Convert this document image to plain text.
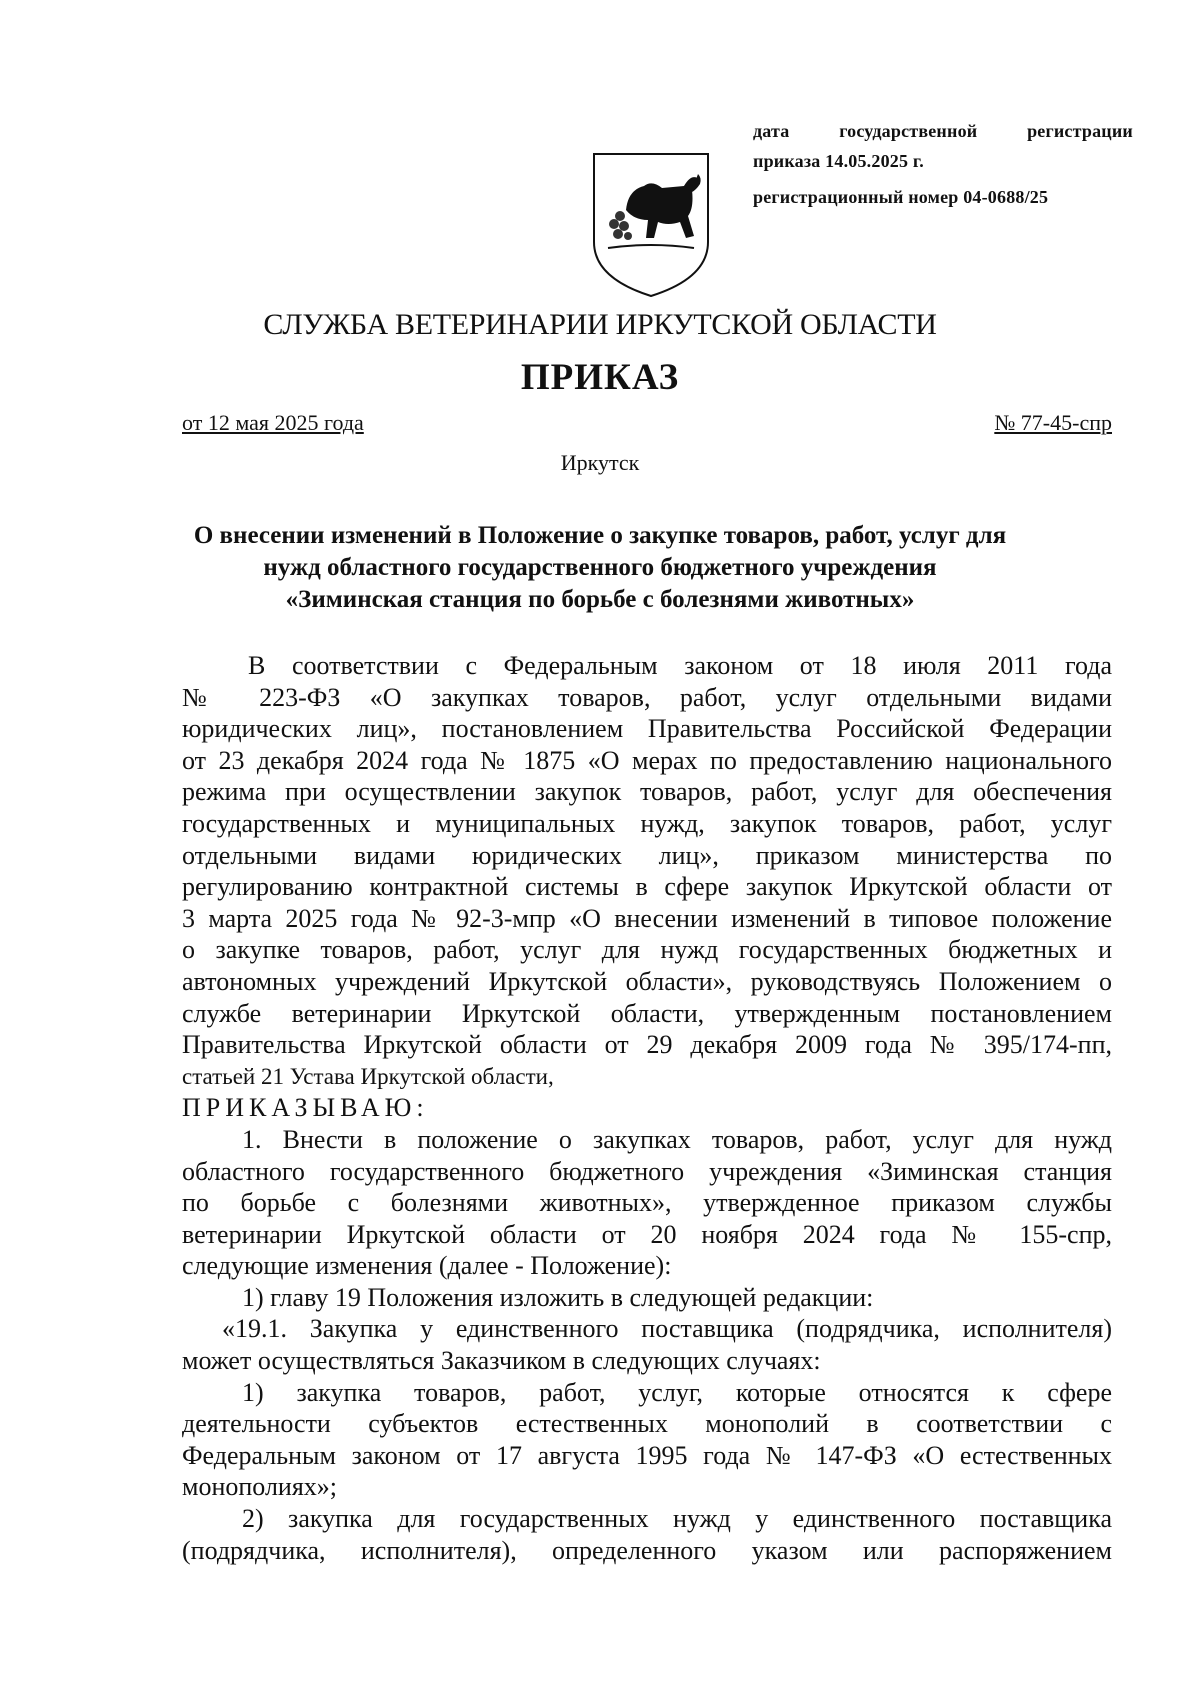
дата государственной регистрации
приказа 14.05.2025 г.
регистрационный номер 04-0688/25
СЛУЖБА ВЕТЕРИНАРИИ ИРКУТСКОЙ ОБЛАСТИ
ПРИКАЗ
от 12 мая 2025 года	№ 77-45-спр
Иркутск
О внесении изменений в Положение о закупке товаров, работ, услуг для
нужд областного государственного бюджетного учреждения
«Зиминская станция по борьбе с болезнями животных»
В соответствии с Федеральным законом от 18 июля 2011 года
№ 223-ФЗ «О закупках товаров, работ, услуг отдельными видами
юридических лиц», постановлением Правительства Российской Федерации
от 23 декабря 2024 года № 1875 «О мерах по предоставлению национального
режима при осуществлении закупок товаров, работ, услуг для обеспечения
государственных и муниципальных нужд, закупок товаров, работ, услуг
отдельными видами юридических лиц», приказом министерства по
регулированию контрактной системы в сфере закупок Иркутской области от
3 марта 2025 года № 92-3-мпр «О внесении изменений в типовое положение
о закупке товаров, работ, услуг для нужд государственных бюджетных и
автономных учреждений Иркутской области», руководствуясь Положением о
службе ветеринарии Иркутской области, утвержденным постановлением
Правительства Иркутской области от 29 декабря 2009 года № 395/174-пп,
статьей 21 Устава Иркутской области,
ПРИКАЗЫВАЮ:
1. Внести в положение о закупках товаров, работ, услуг для нужд
областного государственного бюджетного учреждения «Зиминская станция
по борьбе с болезнями животных», утвержденное приказом службы
ветеринарии Иркутской области от 20 ноября 2024 года № 155-спр,
следующие изменения (далее - Положение):
1) главу 19 Положения изложить в следующей редакции:
«19.1. Закупка у единственного поставщика (подрядчика, исполнителя)
может осуществляться Заказчиком в следующих случаях:
1) закупка товаров, работ, услуг, которые относятся к сфере
деятельности субъектов естественных монополий в соответствии с
Федеральным законом от 17 августа 1995 года № 147-ФЗ «О естественных
монополиях»;
2) закупка для государственных нужд у единственного поставщика
(подрядчика, исполнителя), определенного указом или распоряжением
